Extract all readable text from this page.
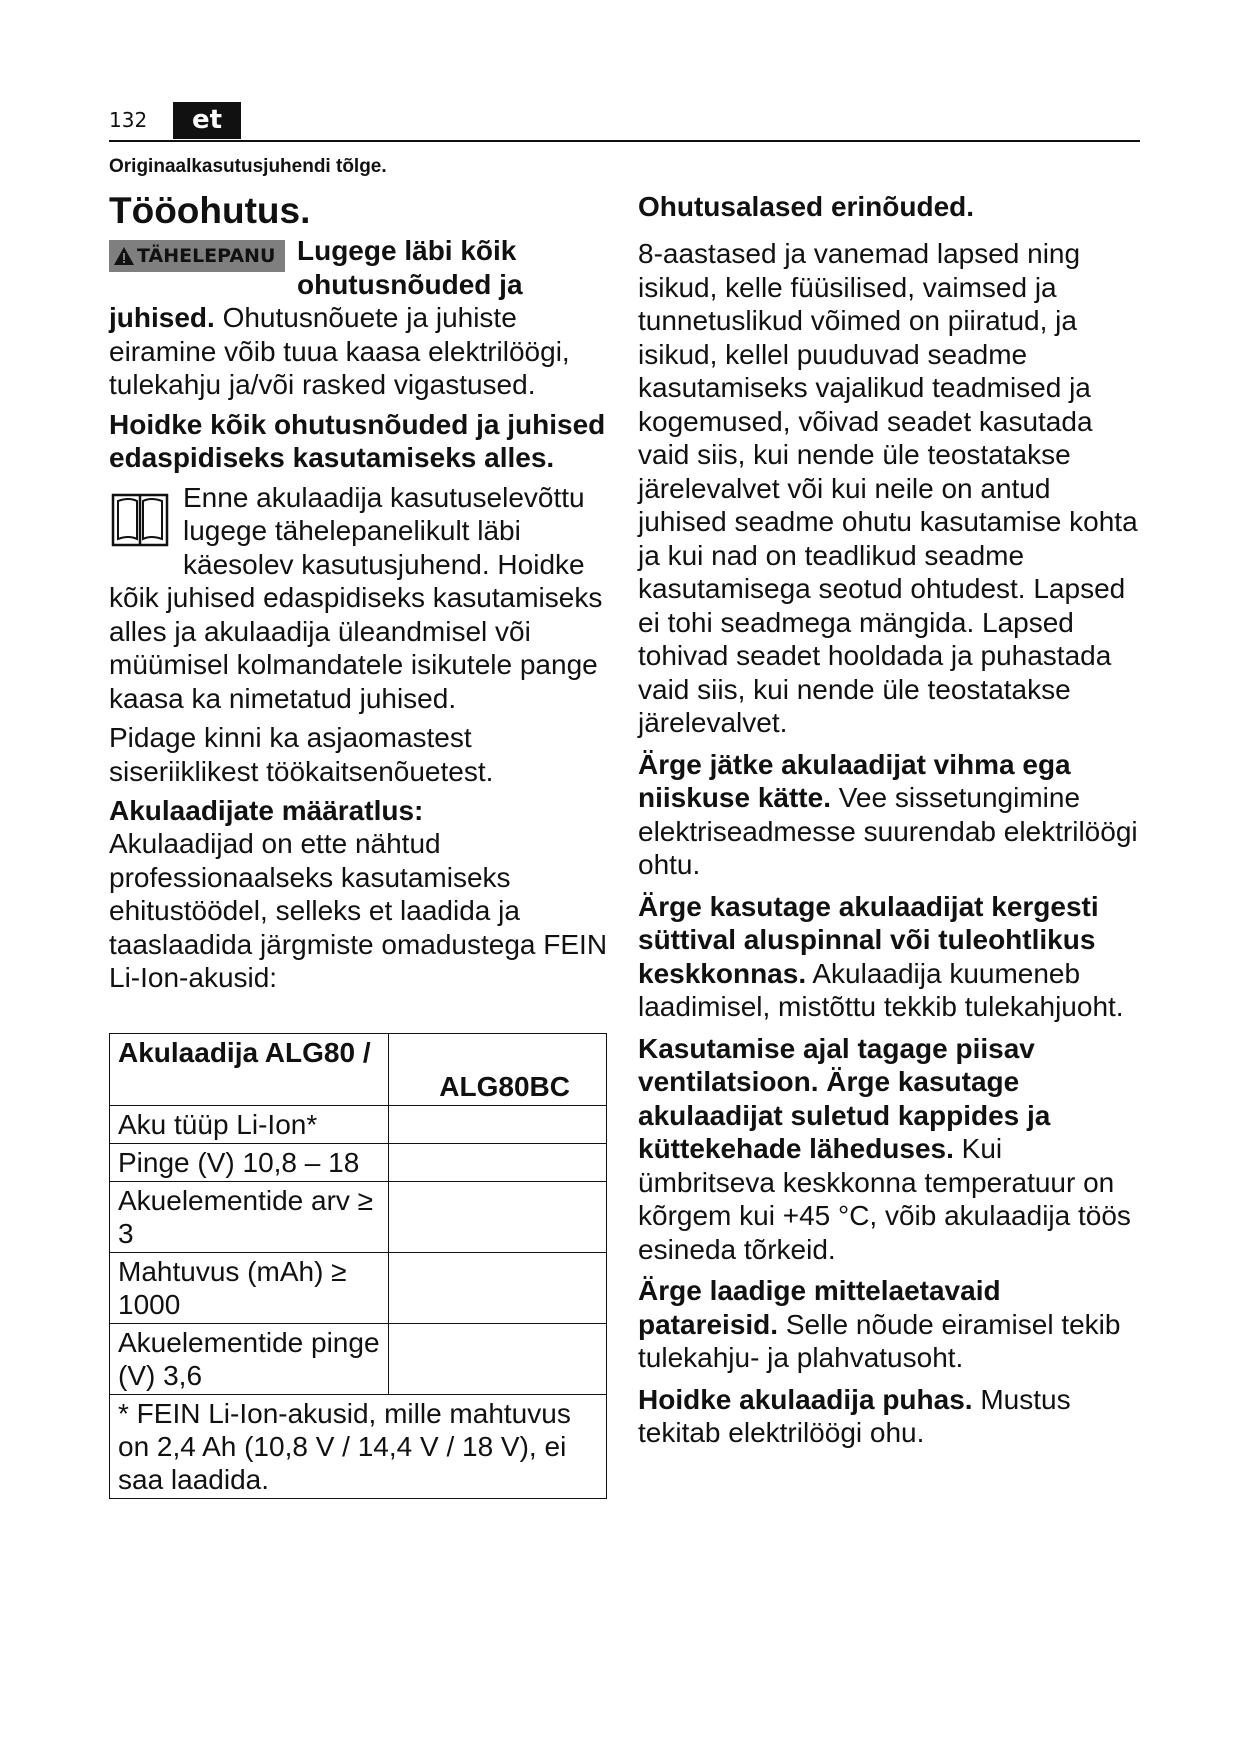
132	et
Originaalkasutusjuhendi tõlge.
Tööohutus.

TÄHELEPANU Lugege läbi kõik ohutusnõuded ja juhised. Ohutusnõuete ja juhiste eiramine võib tuua kaasa elektrilöögi, tulekahju ja/või rasked vigastused.

Hoidke kõik ohutusnõuded ja juhised edaspidiseks kasutamiseks alles.

Enne akulaadija kasutuselevõttu lugege tähelepanelikult läbi käesolev kasutusjuhend. Hoidke kõik juhised edaspidiseks kasutamiseks alles ja akulaadija üleandmisel või müümisel kolmandatele isikutele pange kaasa ka nimetatud juhised.

Pidage kinni ka asjaomastest siseriiklikest töökaitsenõuetest.

Akulaadijate määratlus:

Akulaadijad on ette nähtud professionaalseks kasutamiseks ehitustöödel, selleks et laadida ja taaslaadida järgmiste omadustega FEIN Li-Ion-akusid:

Akulaadija ALG80 /	ALG80BC
Aku tüüp Li-Ion*	
Pinge (V) 10,8 – 18	
Akuelementide arv ≥ 3	
Mahtuvus (mAh) ≥ 1000	
Akuelementide pinge (V) 3,6	
* FEIN Li-Ion-akusid, mille mahtuvus on 2,4 Ah (10,8 V / 14,4 V / 18 V), ei saa laadida.	

Ohutusalased erinõuded.

8-aastased ja vanemad lapsed ning isikud, kelle füüsilised, vaimsed ja tunnetuslikud võimed on piiratud, ja isikud, kellel puuduvad seadme kasutamiseks vajalikud teadmised ja kogemused, võivad seadet kasutada vaid siis, kui nende üle teostatakse järelevalvet või kui neile on antud juhised seadme ohutu kasutamise kohta ja kui nad on teadlikud seadme kasutamisega seotud ohtudest. Lapsed ei tohi seadmega mängida. Lapsed tohivad seadet hooldada ja puhastada vaid siis, kui nende üle teostatakse järelevalvet.

Ärge jätke akulaadijat vihma ega niiskuse kätte. Vee sissetungimine elektriseadmesse suurendab elektrilöögi ohtu.

Ärge kasutage akulaadijat kergesti süttival aluspinnal või tuleohtlikus keskkonnas. Akulaadija kuumeneb laadimisel, mistõttu tekkib tulekahjuoht.

Kasutamise ajal tagage piisav ventilatsioon. Ärge kasutage akulaadijat suletud kappides ja küttekehade läheduses. Kui ümbritseva keskkonna temperatuur on kõrgem kui +45 °C, võib akulaadija töös esineda tõrkeid.

Ärge laadige mittelaetavaid patareisid. Selle nõude eiramisel tekib tulekahju- ja plahvatusoht.

Hoidke akulaadija puhas. Mustus tekitab elektrilöögi ohu.
